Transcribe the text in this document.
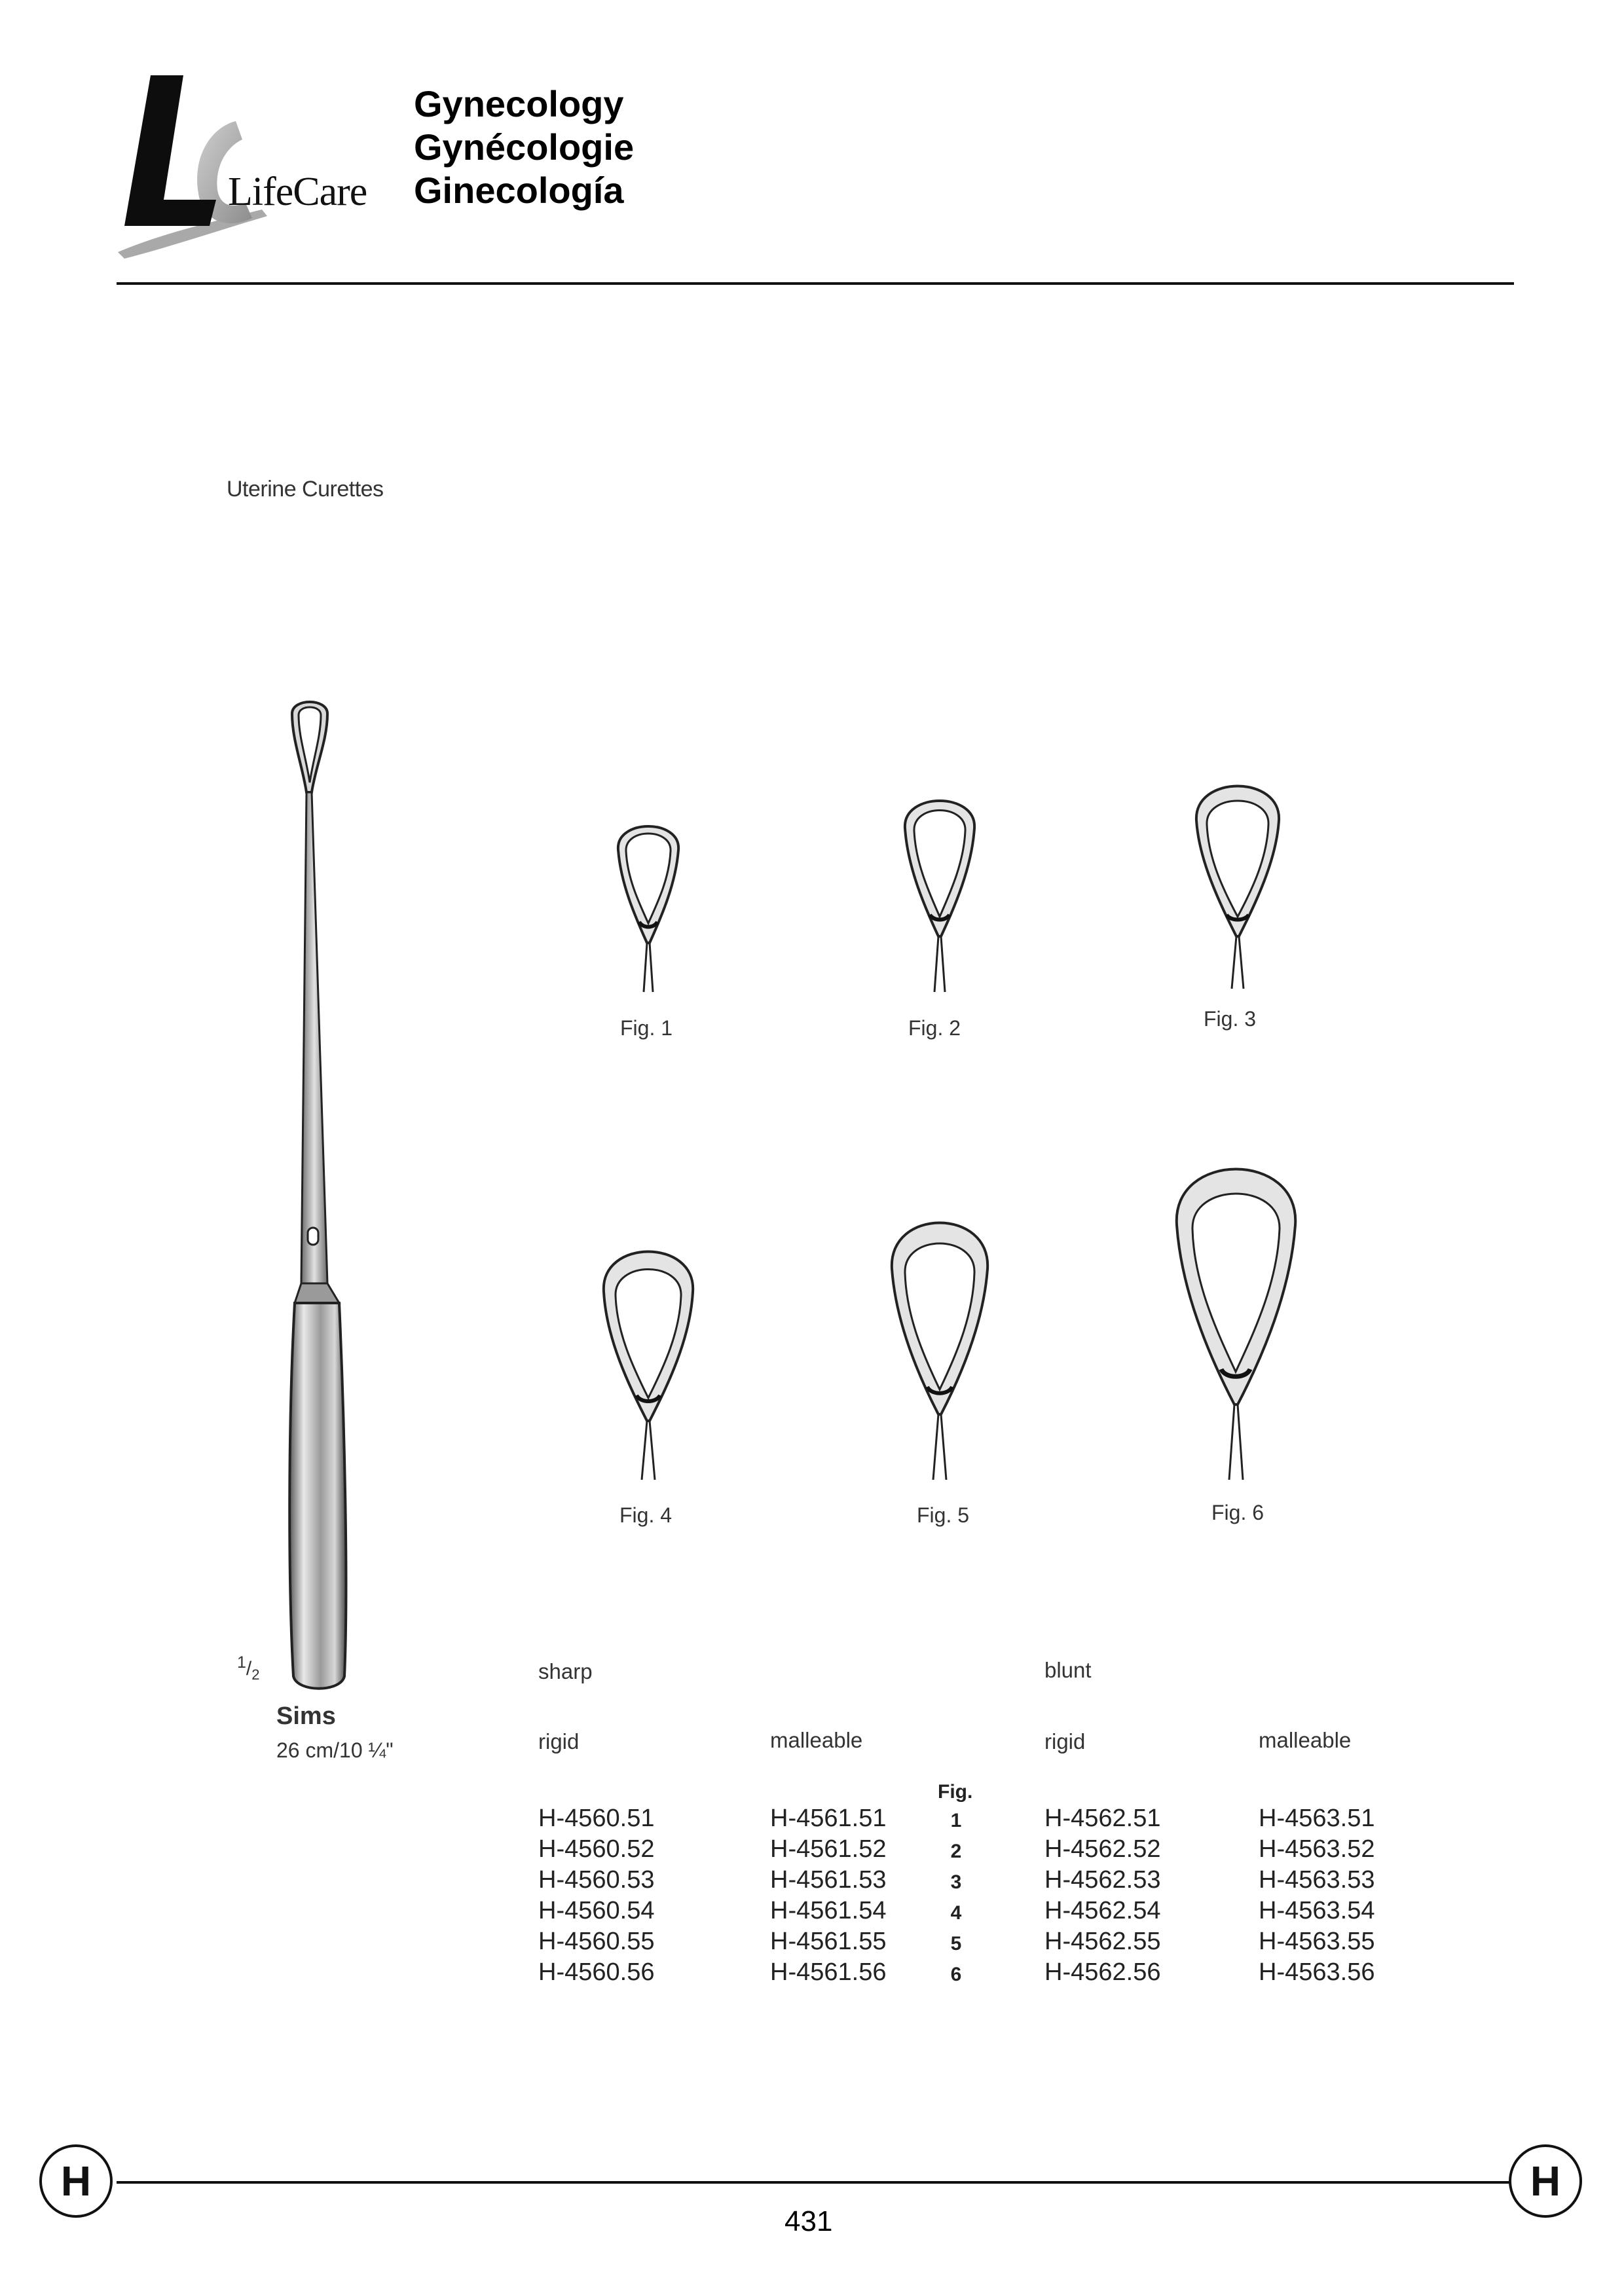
LifeCare
Gynecology
Gynécologie
Ginecología
Uterine Curettes
Fig. 1	Fig. 2	Fig. 3
Fig. 4	Fig. 5	Fig. 6
$^1/_2$
Sims
26 cm/10 ¼"
sharp	blunt
rigid	malleable	rigid	malleable
Fig.
H-4560.51	H-4561.51	1	H-4562.51	H-4563.51
H-4560.52	H-4561.52	2	H-4562.52	H-4563.52
H-4560.53	H-4561.53	3	H-4562.53	H-4563.53
H-4560.54	H-4561.54	4	H-4562.54	H-4563.54
H-4560.55	H-4561.55	5	H-4562.55	H-4563.55
H-4560.56	H-4561.56	6	H-4562.56	H-4563.56
H	H
431
